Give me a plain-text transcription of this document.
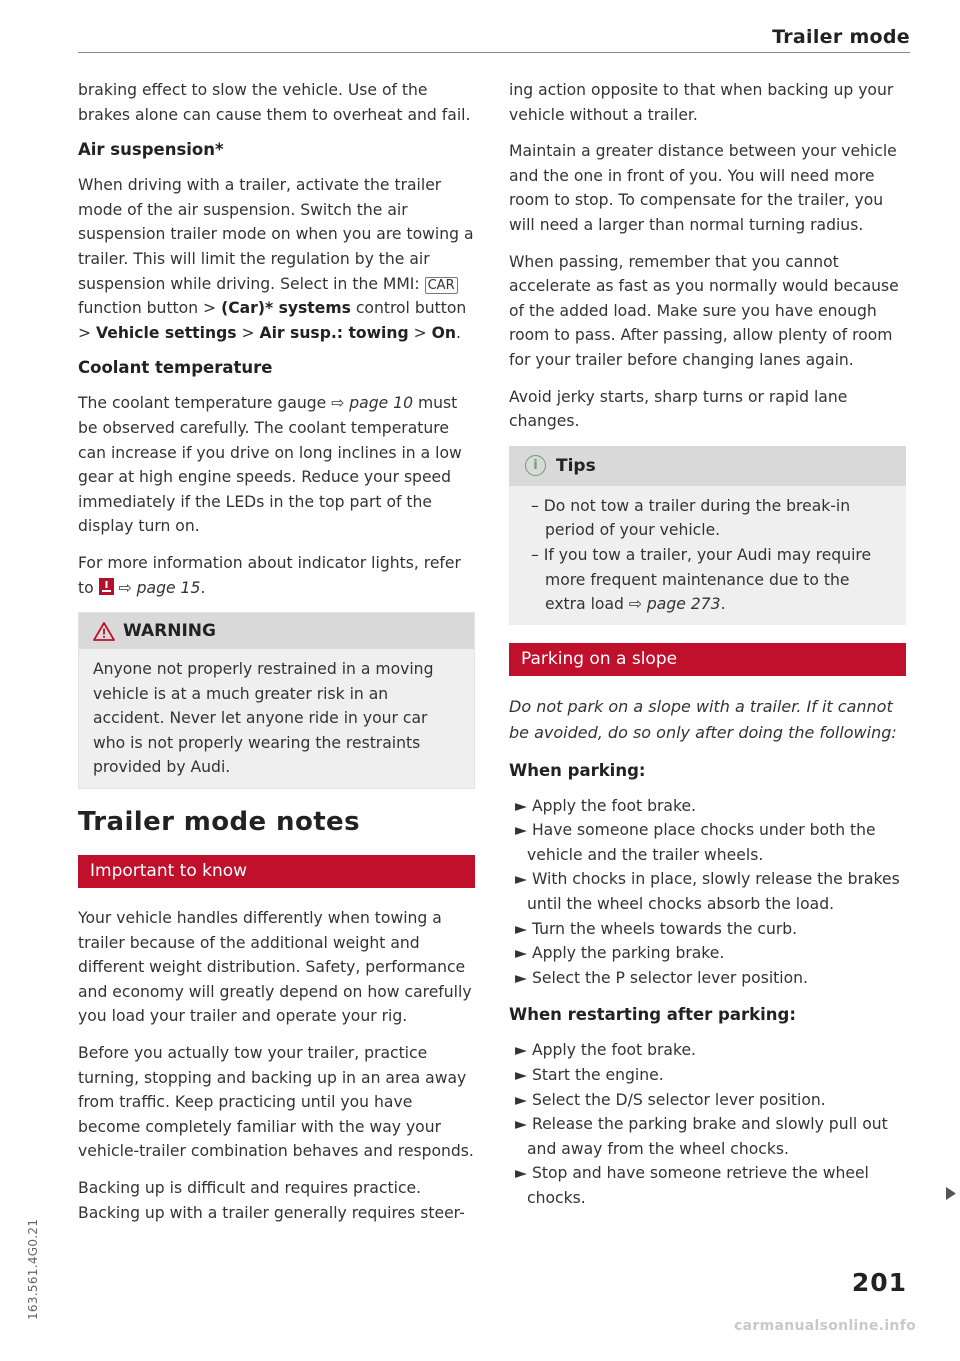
Trailer mode

braking effect to slow the vehicle. Use of the brakes alone can cause them to overheat and fail.

Air suspension*

When driving with a trailer, activate the trailer mode of the air suspension. Switch the air suspension trailer mode on when you are towing a trailer. This will limit the regulation by the air suspension while driving. Select in the MMI: CAR function button > (Car)* systems control button > Vehicle settings > Air susp.: towing > On.

Coolant temperature

The coolant temperature gauge ⇨ page 10 must be observed carefully. The coolant temperature can increase if you drive on long inclines in a low gear at high engine speeds. Reduce your speed immediately if the LEDs in the top part of the display turn on.

For more information about indicator lights, refer to
⇨ page 15.

WARNING
Anyone not properly restrained in a moving vehicle is at a much greater risk in an accident. Never let anyone ride in your car who is not properly wearing the restraints provided by Audi.
Trailer mode notes
Important to know

Your vehicle handles differently when towing a trailer because of the additional weight and different weight distribution. Safety, performance and economy will greatly depend on how carefully you load your trailer and operate your rig.

Before you actually tow your trailer, practice turning, stopping and backing up in an area away from traffic. Keep practicing until you have become completely familiar with the way your vehicle-trailer combination behaves and responds.

Backing up is difficult and requires practice. Backing up with a trailer generally requires steer-

ing action opposite to that when backing up your vehicle without a trailer.

Maintain a greater distance between your vehicle and the one in front of you. You will need more room to stop. To compensate for the trailer, you will need a larger than normal turning radius.

When passing, remember that you cannot accelerate as fast as you normally would because of the added load. Make sure you have enough room to pass. After passing, allow plenty of room for your trailer before changing lanes again.

Avoid jerky starts, sharp turns or rapid lane changes.

i	Tips
– Do not tow a trailer during the break-in period of your vehicle.
– If you tow a trailer, your Audi may require more frequent maintenance due to the extra load ⇨ page 273.
Parking on a slope

Do not park on a slope with a trailer. If it cannot be avoided, do so only after doing the following:

When parking:
► Apply the foot brake.
► Have someone place chocks under both the vehicle and the trailer wheels.
► With chocks in place, slowly release the brakes until the wheel chocks absorb the load.
► Turn the wheels towards the curb.
► Apply the parking brake.
► Select the P selector lever position.
When restarting after parking:
► Apply the foot brake.
► Start the engine.
► Select the D/S selector lever position.
► Release the parking brake and slowly pull out and away from the wheel chocks.
► Stop and have someone retrieve the wheel chocks.
163.561.4G0.21	201
carmanualsonline.info
